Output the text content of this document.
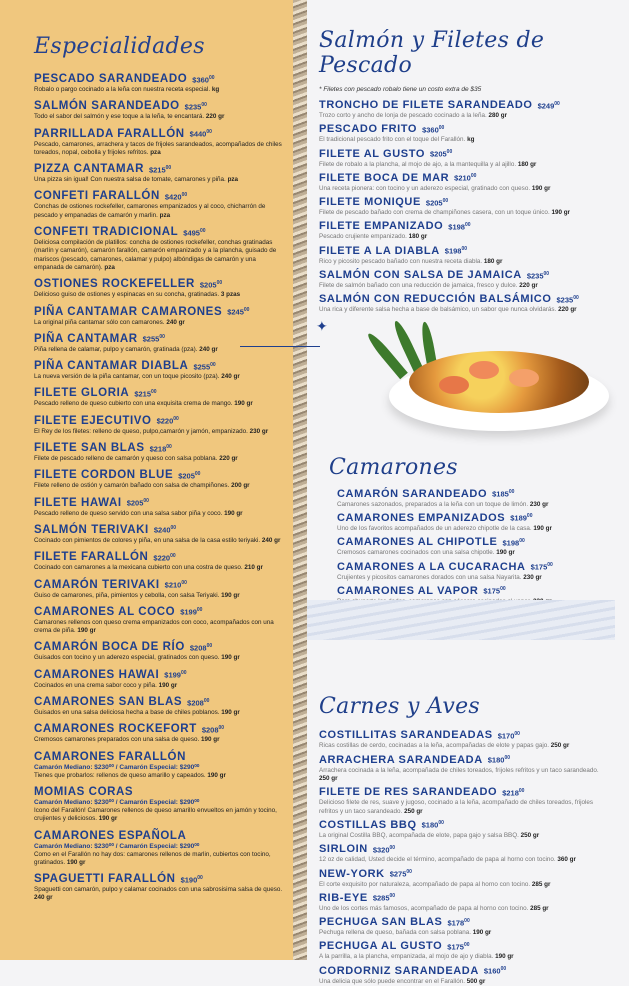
Especialidades
PESCADO SARANDEADO $\$360^{00}$
Robalo o pargo cocinado a la leña con nuestra receta especial. kg
SALMÓN SARANDEADO $\$235^{00}$
Todo el sabor del salmón y ese toque a la leña, te encantará. 220 gr
PARRILLADA FARALLÓN $\$440^{00}$
Pescado, camarones, arrachera y tacos de frijoles sarandeados, acompañados de chiles toreados, nopal, cebolla y frijoles refritos. pza
PIZZA CANTAMAR $\$215^{00}$
Una pizza sin igual! Con nuestra salsa de tomate, camarones y piña. pza
CONFETI FARALLÓN $\$420^{00}$
Conchas de ostiones rockefeller, camarones empanizados y al coco, chicharrón de pescado y empanadas de camarón y marlin. pza
CONFETI TRADICIONAL $\$495^{00}$
Deliciosa compilación de platillos: concha de ostiones rockefeller, conchas gratinadas (marlín y camarón), camarón farallón, camarón empanizado y a la plancha, guisado de mariscos (pescado, camarones, calamar y pulpo) albóndigas de camarón y una empanada de camarón). pza
OSTIONES ROCKEFELLER $\$205^{00}$
Delicioso guiso de ostiones y espinacas en su concha, gratinadas. 3 pzas
PIÑA CANTAMAR CAMARONES $\$245^{00}$
La original piña cantamar sólo con camarones. 240 gr
PIÑA CANTAMAR $\$255^{00}$
Piña rellena de calamar, pulpo y camarón, gratinada (pza). 240 gr
PIÑA CANTAMAR DIABLA $\$255^{00}$
La nueva versión de la piña cantamar, con un toque picosito (pza). 240 gr
FILETE GLORIA $\$215^{00}$
Pescado relleno de queso cubierto con una exquisita crema de mango. 190 gr
FILETE EJECUTIVO $\$220^{00}$
El Rey de los filetes: relleno de queso, pulpo,camarón y jamón, empanizado. 230 gr
FILETE SAN BLAS $\$218^{00}$
Filete de pescado relleno de camarón y queso con salsa poblana. 220 gr
FILETE CORDON BLUE $\$205^{00}$
Filete relleno de ostión y camarón bañado con salsa de champiñones. 200 gr
FILETE HAWAI $\$205^{00}$
Pescado relleno de queso servido con una salsa sabor piña y coco. 190 gr
SALMÓN TERIVAKI $\$240^{00}$
Cocinado con pimientos de colores y piña, en una salsa de la casa estilo teriyaki. 240 gr
FILETE FARALLÓN $\$220^{00}$
Cocinado con camarones a la mexicana cubierto con una costra de queso. 210 gr
CAMARÓN TERIVAKI $\$210^{00}$
Guiso de camarones, piña, pimientos y cebolla, con salsa Teriyaki. 190 gr
CAMARONES AL COCO $\$199^{00}$
Camarones rellenos con queso crema empanizados con coco, acompañados con una crema de piña. 190 gr
CAMARÓN BOCA DE RÍO $\$208^{00}$
Guisados con tocino y un aderezo especial, gratinados con queso. 190 gr
CAMARONES HAWAI $\$199^{00}$
Cocinados en una crema sabor coco y piña. 190 gr
CAMARONES SAN BLAS $\$208^{00}$
Guisados en una salsa deliciosa hecha a base de chiles poblanos. 190 gr
CAMARONES ROCKEFORT $\$208^{00}$
Cremosos camarones preparados con una salsa de queso. 190 gr
CAMARONES FARALLÓN
Camarón Mediano: $230⁰⁰ / Camarón Especial: $290⁰⁰
Tienes que probarlos: rellenos de queso amarillo y capeados. 190 gr
MOMIAS CORAS
Camarón Mediano: $230⁰⁰ / Camarón Especial: $290⁰⁰
Icono del Farallón! Camarones rellenos de queso amarillo envueltos en jamón y tocino, crujientes y deliciosos. 190 gr
CAMARONES ESPAÑOLA
Camarón Mediano: $230⁰⁰ / Camarón Especial: $290⁰⁰
Como en el Farallón no hay dos: camarones rellenos de marlin, cubiertos con tocino, gratinados. 190 gr
SPAGUETTI FARALLÓN $\$190^{00}$
Spaguetti con camarón, pulpo y calamar cocinados con una sabrosisima salsa de queso. 240 gr
✦
Salmón y Filetes de Pescado
* Filetes con pescado robalo tiene un costo extra de $35
TRONCHO DE FILETE SARANDEADO $\$249^{00}$
Trozo corto y ancho de lonja de pescado cocinado a la leña. 280 gr
PESCADO FRITO $\$360^{00}$
El tradicional pescado frito con el toque del Farallón. kg
FILETE AL GUSTO $\$205^{00}$
Filete de robalo a la plancha, al mojo de ajo, a la mantequilla y al ajillo. 180 gr
FILETE BOCA DE MAR $\$210^{00}$
Una receta pionera: con tocino y un aderezo especial, gratinado con queso. 190 gr
FILETE MONIQUE $\$205^{00}$
Filete de pescado bañado con crema de champiñones casera, con un toque único. 190 gr
FILETE EMPANIZADO $\$198^{00}$
Pescado crujiente empanizado. 180 gr
FILETE A LA DIABLA $\$198^{00}$
Rico y picosito pescado bañado con nuestra receta diabla. 180 gr
SALMÓN CON SALSA DE JAMAICA $\$235^{00}$
Filete de salmón bañado con una reducción de jamaica, fresco y dulce. 220 gr
SALMÓN CON REDUCCIÓN BALSÁMICO $\$235^{00}$
Una rica y diferente salsa hecha a base de balsámico, un sabor que nunca olvidarás. 220 gr
Camarones
CAMARÓN SARANDEADO $\$185^{00}$
Camarones sazonados, preparados a la leña con un toque de limón. 230 gr
CAMARONES EMPANIZADOS $\$189^{00}$
Uno de los favoritos acompañados de un aderezo chipotle de la casa. 190 gr
CAMARONES AL CHIPOTLE $\$198^{00}$
Cremosos camarones cocinados con una salsa chipotle. 190 gr
CAMARONES A LA CUCARACHA $\$175^{00}$
Crujientes y picositos camarones dorados con una salsa Nayarita. 230 gr
CAMARONES AL VAPOR $\$175^{00}$
Carnes y Aves
COSTILLITAS SARANDEADAS $\$170^{00}$
Ricas costillas de cerdo, cocinadas a la leña, acompañadas de elote y papas gajo. 250 gr
ARRACHERA SARANDEADA $\$180^{00}$
Arrachera cocinada a la leña, acompañada de chiles toreados, frijoles refritos y un taco sarandeado. 250 gr
FILETE DE RES SARANDEADO $\$218^{00}$
Delicioso filete de res, suave y jugoso, cocinado a la leña, acompañado de chiles toreados, frijoles refritos y un taco sarandeado. 250 gr
COSTILLAS BBQ $\$180^{00}$
La original Costilla BBQ, acompañada de elote, papa gajo y salsa BBQ. 250 gr
SIRLOIN $\$320^{00}$
12 oz de calidad, Usted decide el término, acompañado de papa al horno con tocino. 360 gr
NEW-YORK $\$275^{00}$
El corte exquisito por naturaleza, acompañado de papa al horno con tocino. 285 gr
RIB-EYE $\$285^{00}$
Uno de los cortes más famosos, acompañado de papa al horno con tocino. 285 gr
PECHUGA SAN BLAS $\$178^{00}$
Pechuga rellena de queso, bañada con salsa poblana. 190 gr
PECHUGA AL GUSTO $\$175^{00}$
A la parrilla, a la plancha, empanizada, al mojo de ajo y diabla. 190 gr
CORDORNIZ SARANDEADA $\$160^{00}$
Una delicia que sólo puede encontrar en el Farallón. 500 gr
